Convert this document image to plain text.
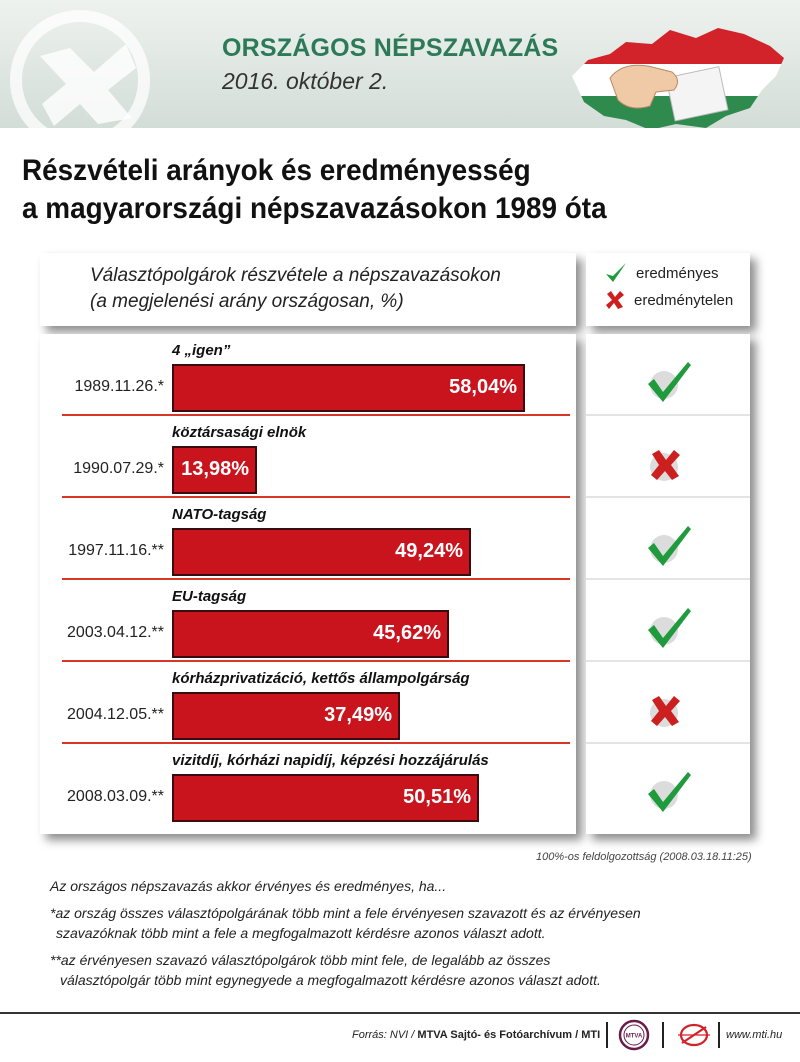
ORSZÁGOS NÉPSZAVAZÁS
2016. október 2.
Részvételi arányok és eredményesség
a magyarországi népszavazásokon 1989 óta
Választópolgárok részvétele a népszavazásokon
(a megjelenési arány országosan, %)
eredményes
eredménytelen
4 „igen”
1989.11.26.*	58,04%
köztársasági elnök
1990.07.29.* 13,98%
NATO-tagság
1997.11.16.**	49,24%
EU-tagság
2003.04.12.**	45,62%
kórházprivatizáció, kettős állampolgárság
2004.12.05.**	37,49%
vizitdíj, kórházi napidíj, képzési hozzájárulás
2008.03.09.**	50,51%
100%-os feldolgozottság (2008.03.18.11:25)
Az országos népszavazás akkor érvényes és eredményes, ha...
*az ország összes választópolgárának több mint a fele érvényesen szavazott és az érvényesen
szavazóknak több mint a fele a megfogalmazott kérdésre azonos választ adott.
**az érvényesen szavazó választópolgárok több mint fele, de legalább az összes
választópolgár több mint egynegyede a megfogalmazott kérdésre azonos választ adott.
Forrás: NVI / MTVA Sajtó- és Fotóarchívum / MTI	MTVA	www.mti.hu
